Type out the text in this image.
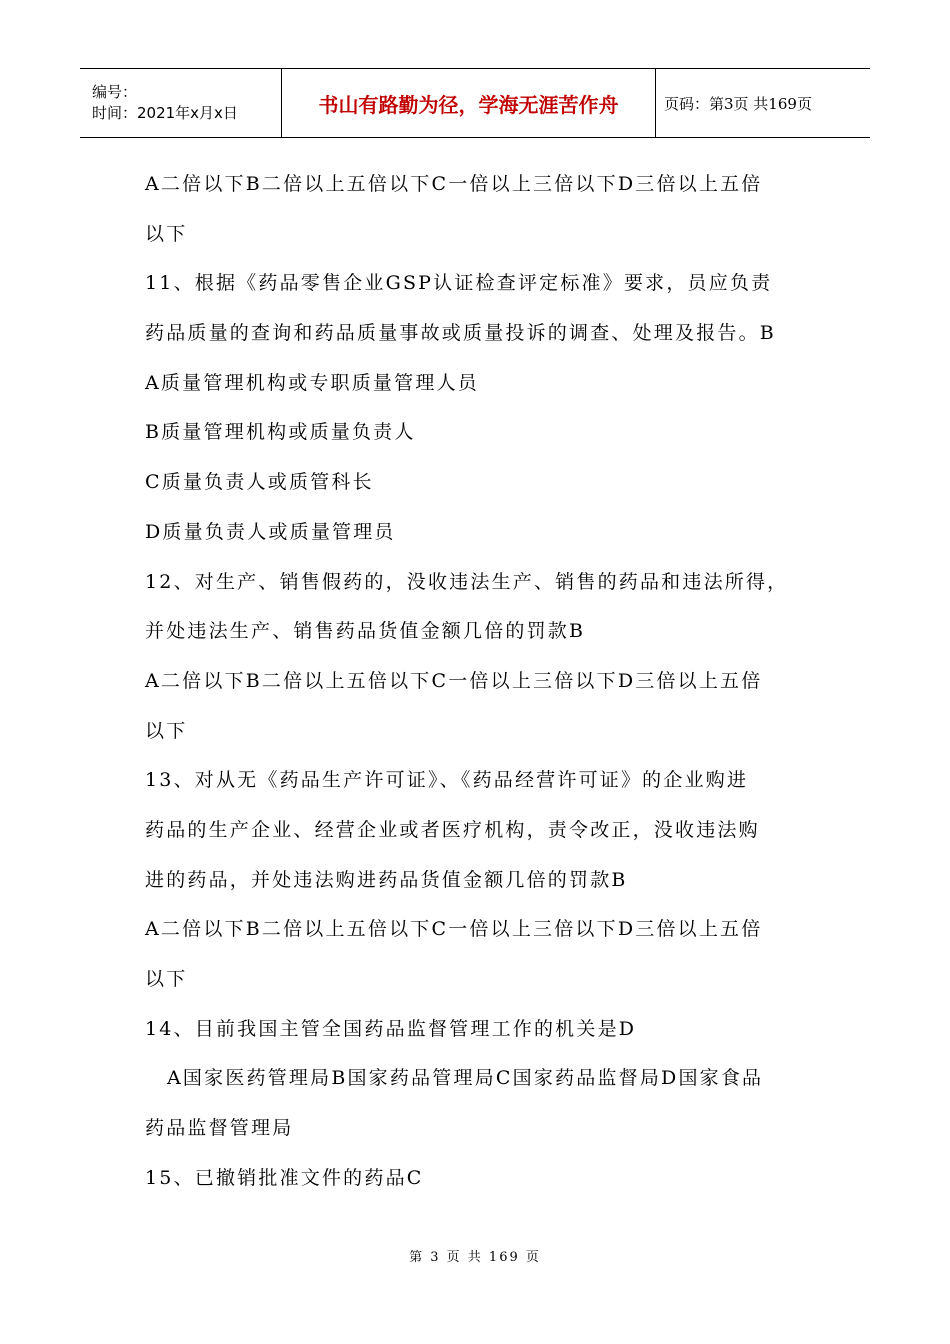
编号：
时间：2021年x月x日	书山有路勤为径，学海无涯苦作舟	页码：第3页 共169页
A二倍以下B二倍以上五倍以下C一倍以上三倍以下D三倍以上五倍
以下
11、根据《药品零售企业GSP认证检查评定标准》要求，员应负责
药品质量的查询和药品质量事故或质量投诉的调查、处理及报告。B
A质量管理机构或专职质量管理人员
B质量管理机构或质量负责人
C质量负责人或质管科长
D质量负责人或质量管理员
12、对生产、销售假药的，没收违法生产、销售的药品和违法所得，
并处违法生产、销售药品货值金额几倍的罚款B
A二倍以下B二倍以上五倍以下C一倍以上三倍以下D三倍以上五倍
以下
13、对从无《药品生产许可证》、《药品经营许可证》的企业购进
药品的生产企业、经营企业或者医疗机构，责令改正，没收违法购
进的药品，并处违法购进药品货值金额几倍的罚款B
A二倍以下B二倍以上五倍以下C一倍以上三倍以下D三倍以上五倍
以下
14、目前我国主管全国药品监督管理工作的机关是D
A国家医药管理局B国家药品管理局C国家药品监督局D国家食品
药品监督管理局
15、已撤销批准文件的药品C
第 3 页 共 169 页
